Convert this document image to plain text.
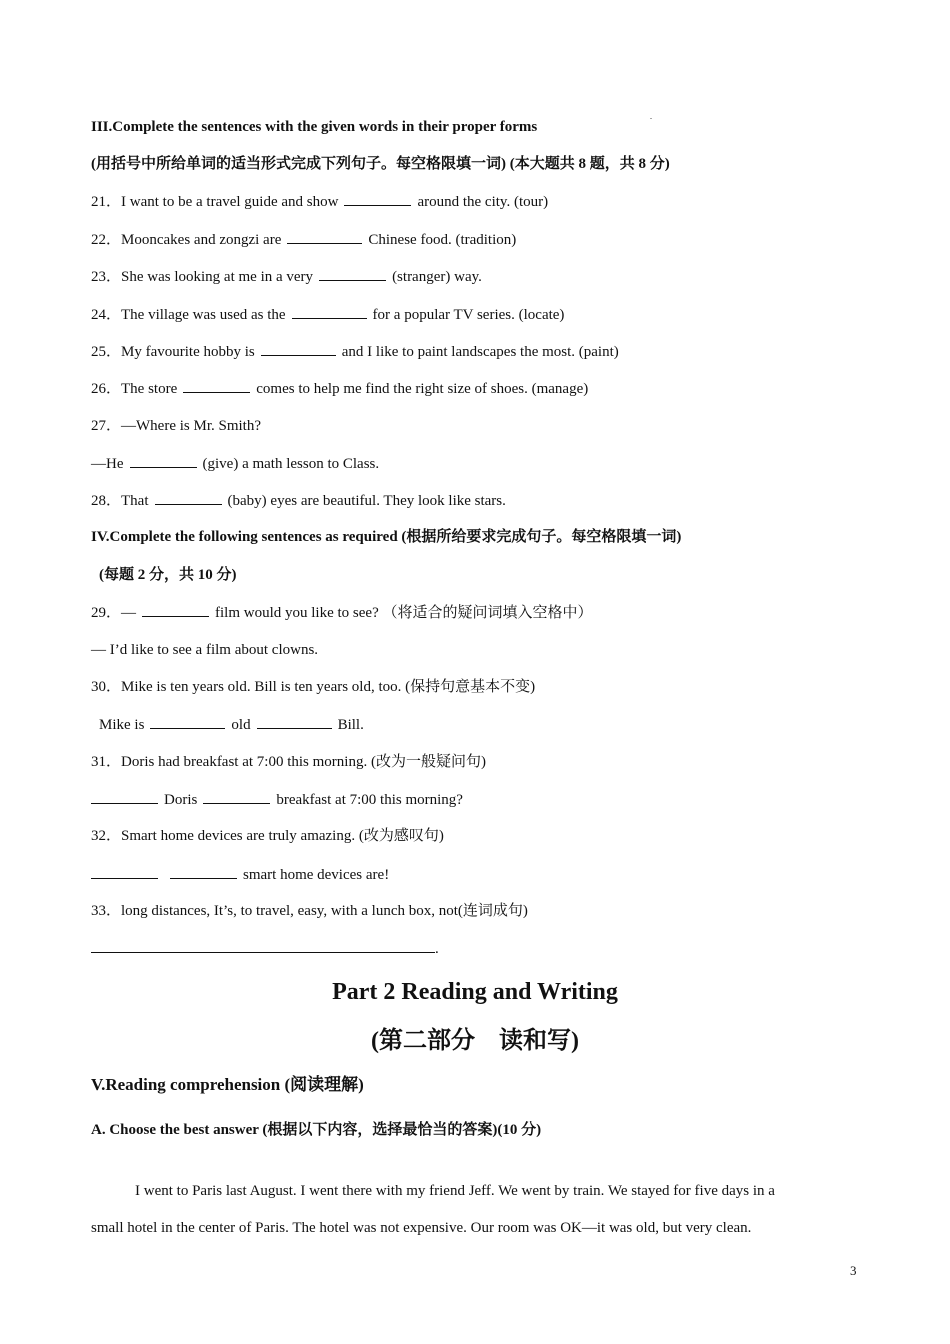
.
III.Complete the sentences with the given words in their proper forms
(用括号中所给单词的适当形式完成下列句子。每空格限填一词) (本大题共 8 题，共 8 分)
21．I want to be a travel guide and show	around the city. (tour)
22．Mooncakes and zongzi are	Chinese food. (tradition)
23．She was looking at me in a very	(stranger) way.
24．The village was used as the	for a popular TV series. (locate)
25．My favourite hobby is	and I like to paint landscapes the most. (paint)
26．The store	comes to help me find the right size of shoes. (manage)
27．—Where is Mr. Smith?
—He	(give) a math lesson to Class.
28．That	(baby) eyes are beautiful. They look like stars.
IV.Complete the following sentences as required (根据所给要求完成句子。每空格限填一词)
(每题 2 分，共 10 分)
29．—	film would you like to see? （将适合的疑问词填入空格中）
— I’d like to see a film about clowns.
30．Mike is ten years old. Bill is ten years old, too. (保持句意基本不变)
Mike is	old	Bill.
31．Doris had breakfast at 7:00 this morning. (改为一般疑问句)
Doris	breakfast at 7:00 this morning?
32．Smart home devices are truly amazing. (改为感叹句)
smart home devices are!
33．long distances, It’s, to travel, easy, with a lunch box, not(连词成句)
.
Part 2 Reading and Writing
(第二部分　读和写)
V.Reading comprehension (阅读理解)
A. Choose the best answer (根据以下内容，选择最恰当的答案)(10 分)
I went to Paris last August. I went there with my friend Jeff. We went by train. We stayed for five days in a
small hotel in the center of Paris. The hotel was not expensive. Our room was OK—it was old, but very clean.
3
